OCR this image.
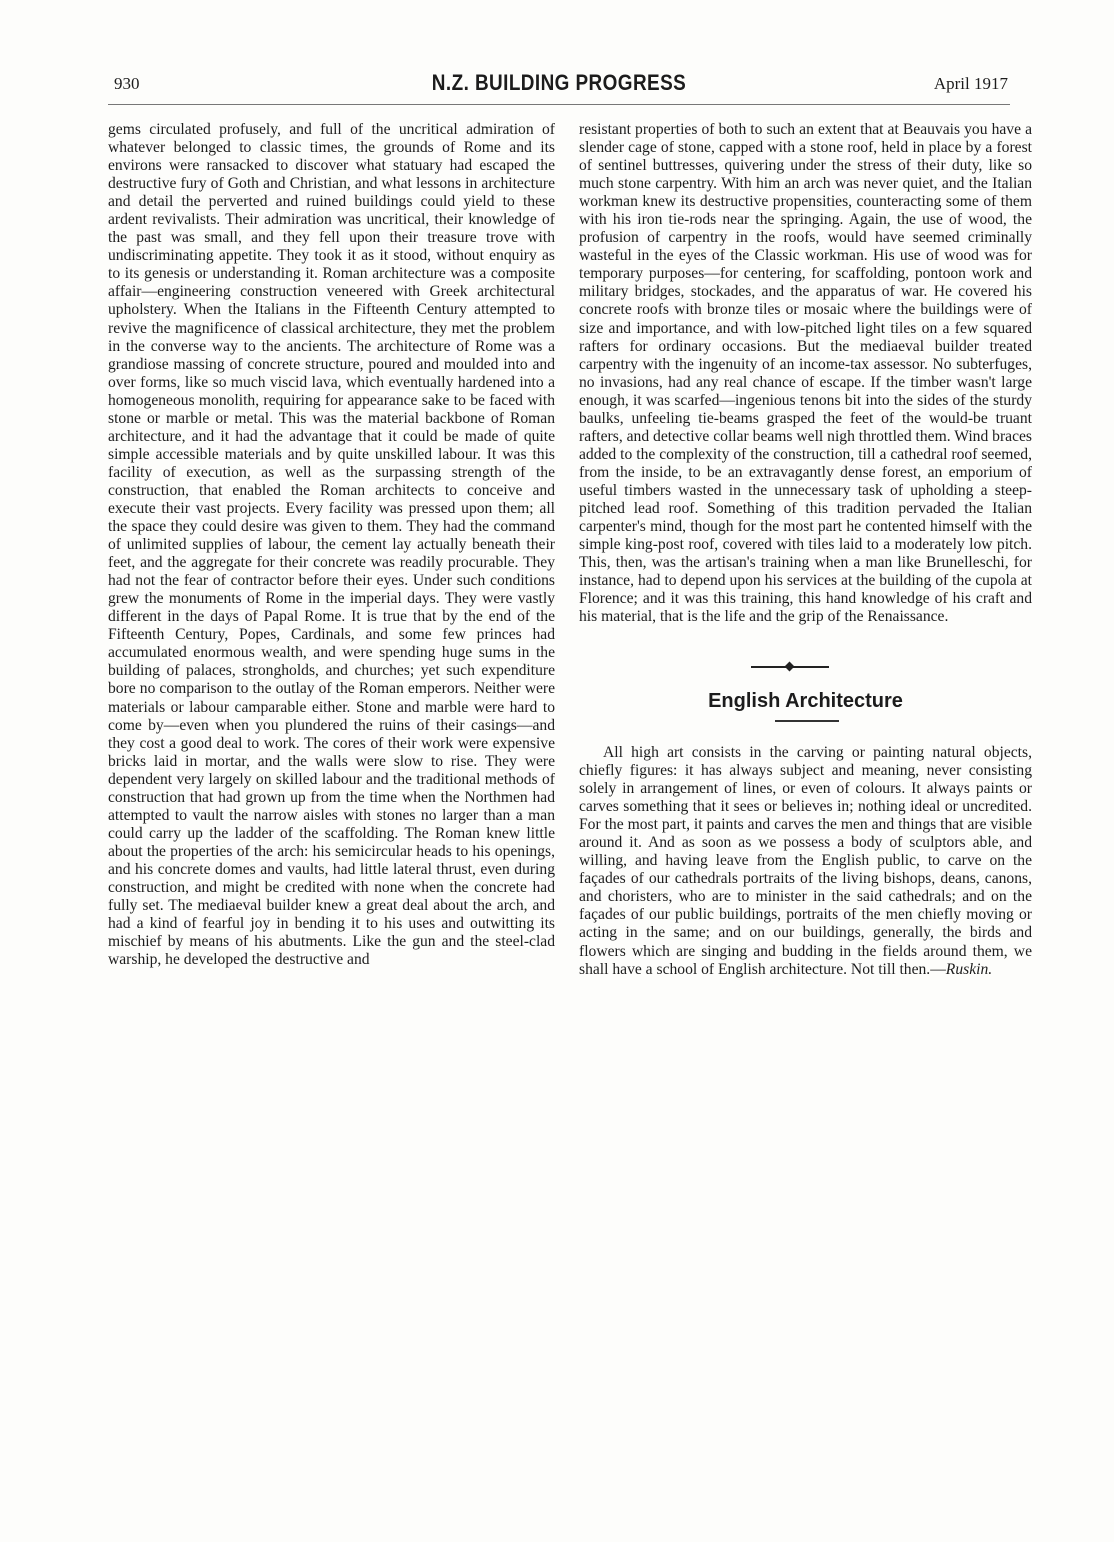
930	N.Z. BUILDING PROGRESS	April 1917

gems circulated profusely, and full of the uncritical admiration of whatever belonged to classic times, the grounds of Rome and its environs were ransacked to discover what statuary had escaped the destructive fury of Goth and Christian, and what lessons in architecture and detail the perverted and ruined buildings could yield to these ardent revivalists. Their admiration was uncritical, their knowledge of the past was small, and they fell upon their treasure trove with undiscriminating appetite. They took it as it stood, without enquiry as to its genesis or understanding it. Roman architecture was a composite affair—engineering construction veneered with Greek architectural upholstery. When the Italians in the Fifteenth Century attempted to revive the magnificence of classical architecture, they met the problem in the converse way to the ancients. The architecture of Rome was a grandiose massing of concrete structure, poured and moulded into and over forms, like so much viscid lava, which eventually hardened into a homogeneous monolith, requiring for appearance sake to be faced with stone or marble or metal. This was the material backbone of Roman architecture, and it had the advantage that it could be made of quite simple accessible materials and by quite unskilled labour. It was this facility of execution, as well as the surpassing strength of the construction, that enabled the Roman architects to conceive and execute their vast projects. Every facility was pressed upon them; all the space they could desire was given to them. They had the command of unlimited supplies of labour, the cement lay actually beneath their feet, and the aggregate for their concrete was readily procurable. They had not the fear of contractor before their eyes. Under such conditions grew the monuments of Rome in the imperial days. They were vastly different in the days of Papal Rome. It is true that by the end of the Fifteenth Century, Popes, Cardinals, and some few princes had accumulated enormous wealth, and were spending huge sums in the building of palaces, strongholds, and churches; yet such expenditure bore no comparison to the outlay of the Roman emperors. Neither were materials or labour camparable either. Stone and marble were hard to come by—even when you plundered the ruins of their casings—and they cost a good deal to work. The cores of their work were expensive bricks laid in mortar, and the walls were slow to rise. They were dependent very largely on skilled labour and the traditional methods of construction that had grown up from the time when the Northmen had attempted to vault the narrow aisles with stones no larger than a man could carry up the ladder of the scaffolding. The Roman knew little about the properties of the arch: his semicircular heads to his openings, and his concrete domes and vaults, had little lateral thrust, even during construction, and might be credited with none when the concrete had fully set. The mediaeval builder knew a great deal about the arch, and had a kind of fearful joy in bending it to his uses and outwitting its mischief by means of his abutments. Like the gun and the steel-clad warship, he developed the destructive and

resistant properties of both to such an extent that at Beauvais you have a slender cage of stone, capped with a stone roof, held in place by a forest of sentinel buttresses, quivering under the stress of their duty, like so much stone carpentry. With him an arch was never quiet, and the Italian workman knew its destructive propensities, counteracting some of them with his iron tie-rods near the springing. Again, the use of wood, the profusion of carpentry in the roofs, would have seemed criminally wasteful in the eyes of the Classic workman. His use of wood was for temporary purposes—for centering, for scaffolding, pontoon work and military bridges, stockades, and the apparatus of war. He covered his concrete roofs with bronze tiles or mosaic where the buildings were of size and importance, and with low-pitched light tiles on a few squared rafters for ordinary occasions. But the mediaeval builder treated carpentry with the ingenuity of an income-tax assessor. No subterfuges, no invasions, had any real chance of escape. If the timber wasn't large enough, it was scarfed—ingenious tenons bit into the sides of the sturdy baulks, unfeeling tie-beams grasped the feet of the would-be truant rafters, and detective collar beams well nigh throttled them. Wind braces added to the complexity of the construction, till a cathedral roof seemed, from the inside, to be an extravagantly dense forest, an emporium of useful timbers wasted in the unnecessary task of upholding a steep-pitched lead roof. Something of this tradition pervaded the Italian carpenter's mind, though for the most part he contented himself with the simple king-post roof, covered with tiles laid to a moderately low pitch. This, then, was the artisan's training when a man like Brunelleschi, for instance, had to depend upon his services at the building of the cupola at Florence; and it was this training, this hand knowledge of his craft and his material, that is the life and the grip of the Renaissance.

English Architecture

All high art consists in the carving or painting natural objects, chiefly figures: it has always subject and meaning, never consisting solely in arrangement of lines, or even of colours. It always paints or carves something that it sees or believes in; nothing ideal or uncredited. For the most part, it paints and carves the men and things that are visible around it. And as soon as we possess a body of sculptors able, and willing, and having leave from the English public, to carve on the façades of our cathedrals portraits of the living bishops, deans, canons, and choristers, who are to minister in the said cathedrals; and on the façades of our public buildings, portraits of the men chiefly moving or acting in the same; and on our buildings, generally, the birds and flowers which are singing and budding in the fields around them, we shall have a school of English architecture. Not till then.—Ruskin.
